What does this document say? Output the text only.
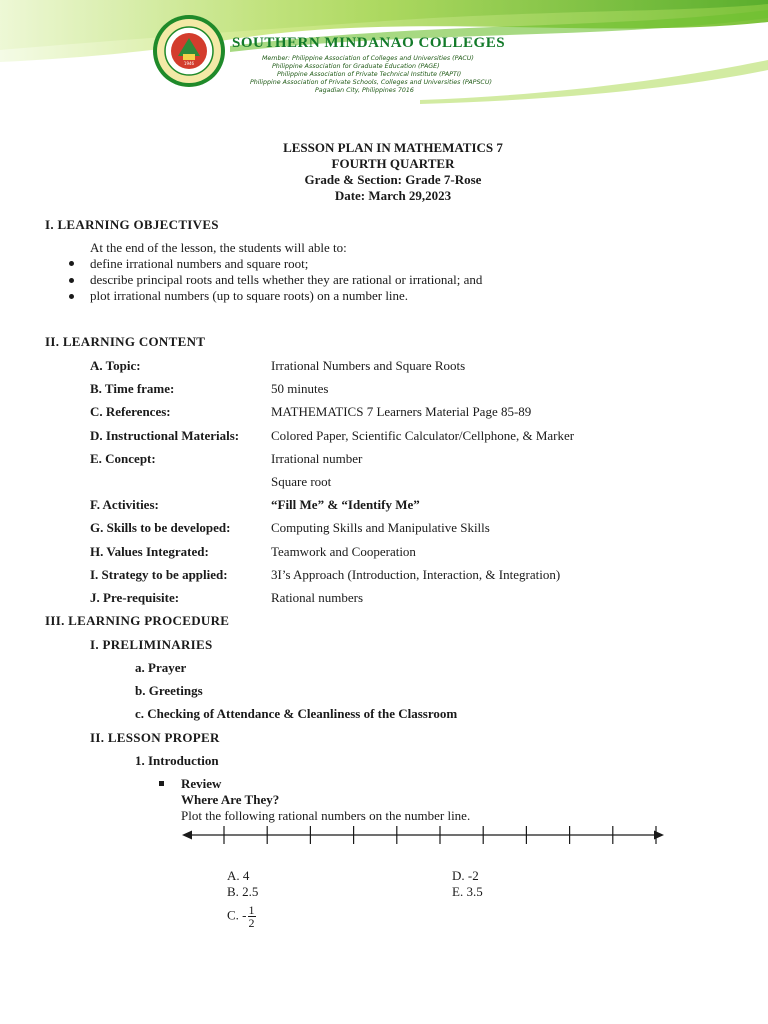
1946
SOUTHERN MINDANAO COLLEGES
Member: Philippine Association of Colleges and Universities (PACU)
Philippine Association for Graduate Education (PAGE)
Philippine Association of Private Technical Institute (PAPTI)
Philippine Association of Private Schools, Colleges and Universities (PAPSCU)
Pagadian City, Philippines 7016
LESSON PLAN IN MATHEMATICS 7
FOURTH QUARTER
Grade & Section: Grade 7-Rose
Date: March 29,2023
I. LEARNING OBJECTIVES
At the end of the lesson, the students will able to:
define irrational numbers and square root;
describe principal roots and tells whether they are rational or irrational; and
plot irrational numbers (up to square roots) on a number line.
II. LEARNING CONTENT
A. Topic:	Irrational Numbers and Square Roots
B. Time frame:	50 minutes
C. References:	MATHEMATICS 7 Learners Material Page 85-89
D. Instructional Materials: Colored Paper, Scientific Calculator/Cellphone, & Marker
E. Concept:	Irrational number
Square root
F. Activities:	“Fill Me” & “Identify Me”
G. Skills to be developed:	Computing Skills and Manipulative Skills
H. Values Integrated:	Teamwork and Cooperation
I. Strategy to be applied:	3I’s Approach (Introduction, Interaction, & Integration)
J. Pre-requisite:	Rational numbers
III. LEARNING PROCEDURE
I. PRELIMINARIES
a. Prayer
b. Greetings
c. Checking of Attendance & Cleanliness of the Classroom
II. LESSON PROPER
1. Introduction
Review
Where Are They?
Plot the following rational numbers on the number line.
A. 4
B. 2.5
C. - $\frac{1}{2}$
D. -2
E. 3.5
